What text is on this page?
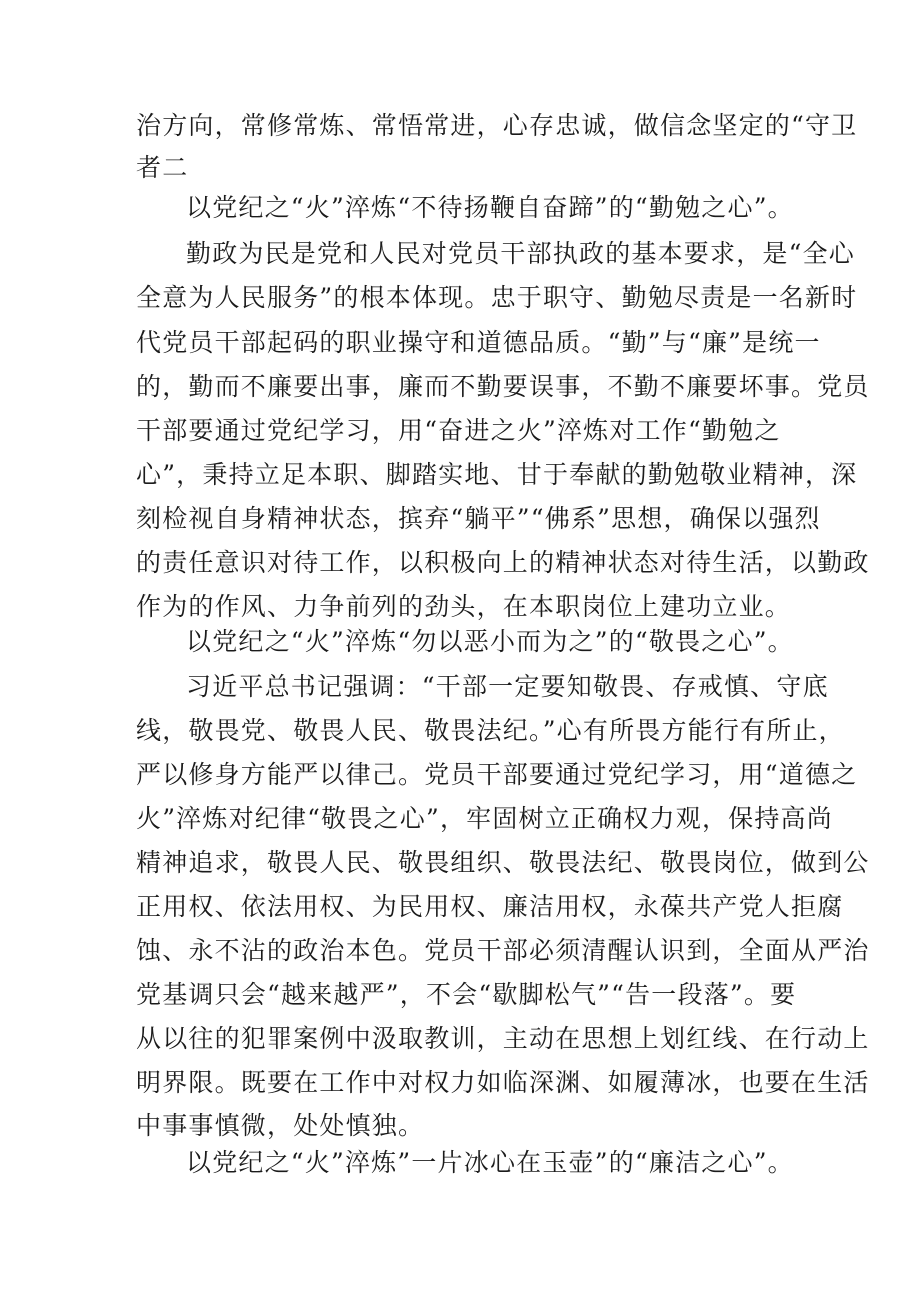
治方向，常修常炼、常悟常进，心存忠诚，做信念坚定的“守卫
者二
以党纪之“火”淬炼“不待扬鞭自奋蹄”的“勤勉之心”。
勤政为民是党和人民对党员干部执政的基本要求，是“全心
全意为人民服务”的根本体现。忠于职守、勤勉尽责是一名新时
代党员干部起码的职业操守和道德品质。“勤”与“廉”是统一
的，勤而不廉要出事，廉而不勤要误事，不勤不廉要坏事。党员
干部要通过党纪学习，用“奋进之火”淬炼对工作“勤勉之
心”，秉持立足本职、脚踏实地、甘于奉献的勤勉敬业精神，深
刻检视自身精神状态，摈弃“躺平”“佛系”思想，确保以强烈
的责任意识对待工作，以积极向上的精神状态对待生活，以勤政
作为的作风、力争前列的劲头，在本职岗位上建功立业。
以党纪之“火”淬炼“勿以恶小而为之”的“敬畏之心”。
习近平总书记强调：“干部一定要知敬畏、存戒慎、守底
线，敬畏党、敬畏人民、敬畏法纪。”心有所畏方能行有所止，
严以修身方能严以律己。党员干部要通过党纪学习，用“道德之
火”淬炼对纪律“敬畏之心”，牢固树立正确权力观，保持高尚
精神追求，敬畏人民、敬畏组织、敬畏法纪、敬畏岗位，做到公
正用权、依法用权、为民用权、廉洁用权，永葆共产党人拒腐
蚀、永不沾的政治本色。党员干部必须清醒认识到，全面从严治
党基调只会“越来越严”，不会“歇脚松气”“告一段落”。要
从以往的犯罪案例中汲取教训，主动在思想上划红线、在行动上
明界限。既要在工作中对权力如临深渊、如履薄冰，也要在生活
中事事慎微，处处慎独。
以党纪之“火”淬炼”一片冰心在玉壶”的“廉洁之心”。
